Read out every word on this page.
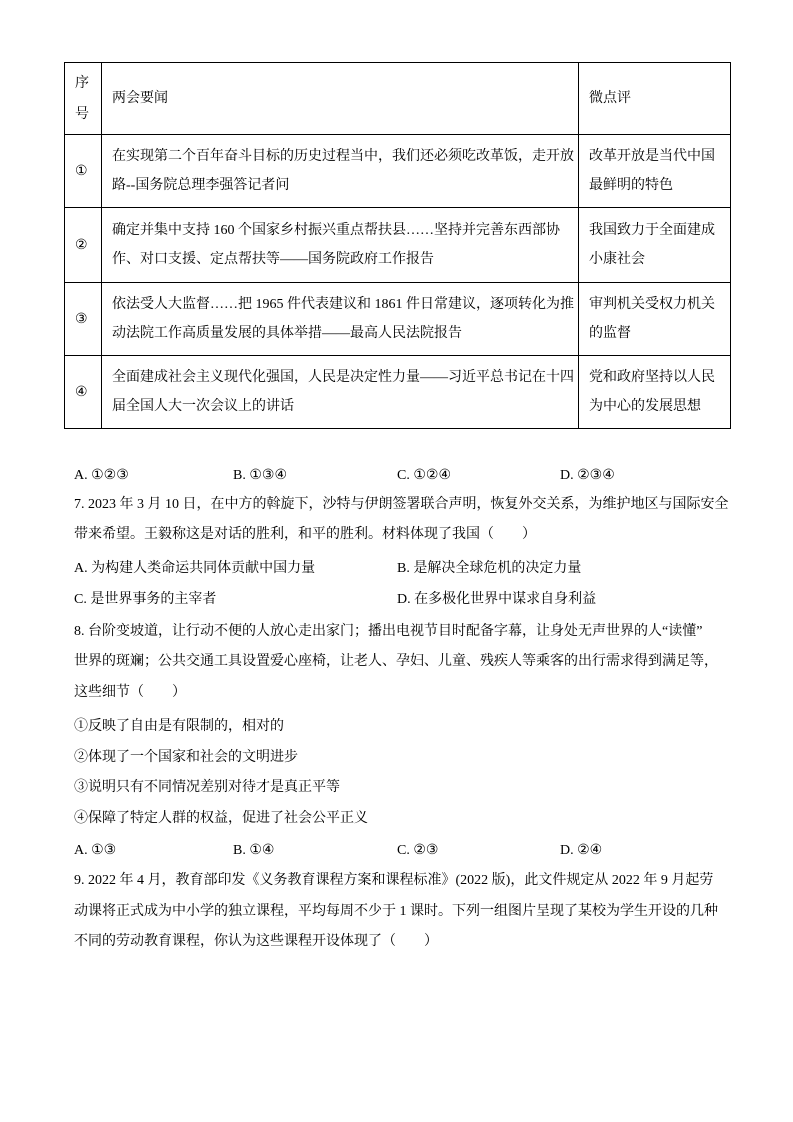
序号	两会要闻	微点评
①	在实现第二个百年奋斗目标的历史过程当中，我们还必须吃改革饭，走开放
路--国务院总理李强答记者问	改革开放是当代中国
最鲜明的特色

②	确定并集中支持 160 个国家乡村振兴重点帮扶县……坚持并完善东西部协
作、对口支援、定点帮扶等——国务院政府工作报告	我国致力于全面建成
小康社会

③	依法受人大监督……把 1965 件代表建议和 1861 件日常建议，逐项转化为推
动法院工作高质量发展的具体举措——最高人民法院报告	审判机关受权力机关
的监督

④	全面建成社会主义现代化强国，人民是决定性力量——习近平总书记在十四
届全国人大一次会议上的讲话	党和政府坚持以人民
为中心的发展思想
A. ①②③	B. ①③④	C. ①②④	D. ②③④
7. 2023 年 3 月 10 日，在中方的斡旋下，沙特与伊朗签署联合声明，恢复外交关系，为维护地区与国际安全
带来希望。王毅称这是对话的胜利，和平的胜利。材料体现了我国（　　）
A. 为构建人类命运共同体贡献中国力量	B. 是解决全球危机的决定力量
C. 是世界事务的主宰者	D. 在多极化世界中谋求自身利益
8. 台阶变坡道，让行动不便的人放心走出家门；播出电视节目时配备字幕，让身处无声世界的人“读懂”
世界的斑斓；公共交通工具设置爱心座椅，让老人、孕妇、儿童、残疾人等乘客的出行需求得到满足等，
这些细节（　　）
①反映了自由是有限制的，相对的
②体现了一个国家和社会的文明进步
③说明只有不同情况差别对待才是真正平等
④保障了特定人群的权益，促进了社会公平正义
A. ①③	B. ①④	C. ②③	D. ②④
9. 2022 年 4 月，教育部印发《义务教育课程方案和课程标准》(2022 版)，此文件规定从 2022 年 9 月起劳
动课将正式成为中小学的独立课程，平均每周不少于 1 课时。下列一组图片呈现了某校为学生开设的几种
不同的劳动教育课程，你认为这些课程开设体现了（　　）
